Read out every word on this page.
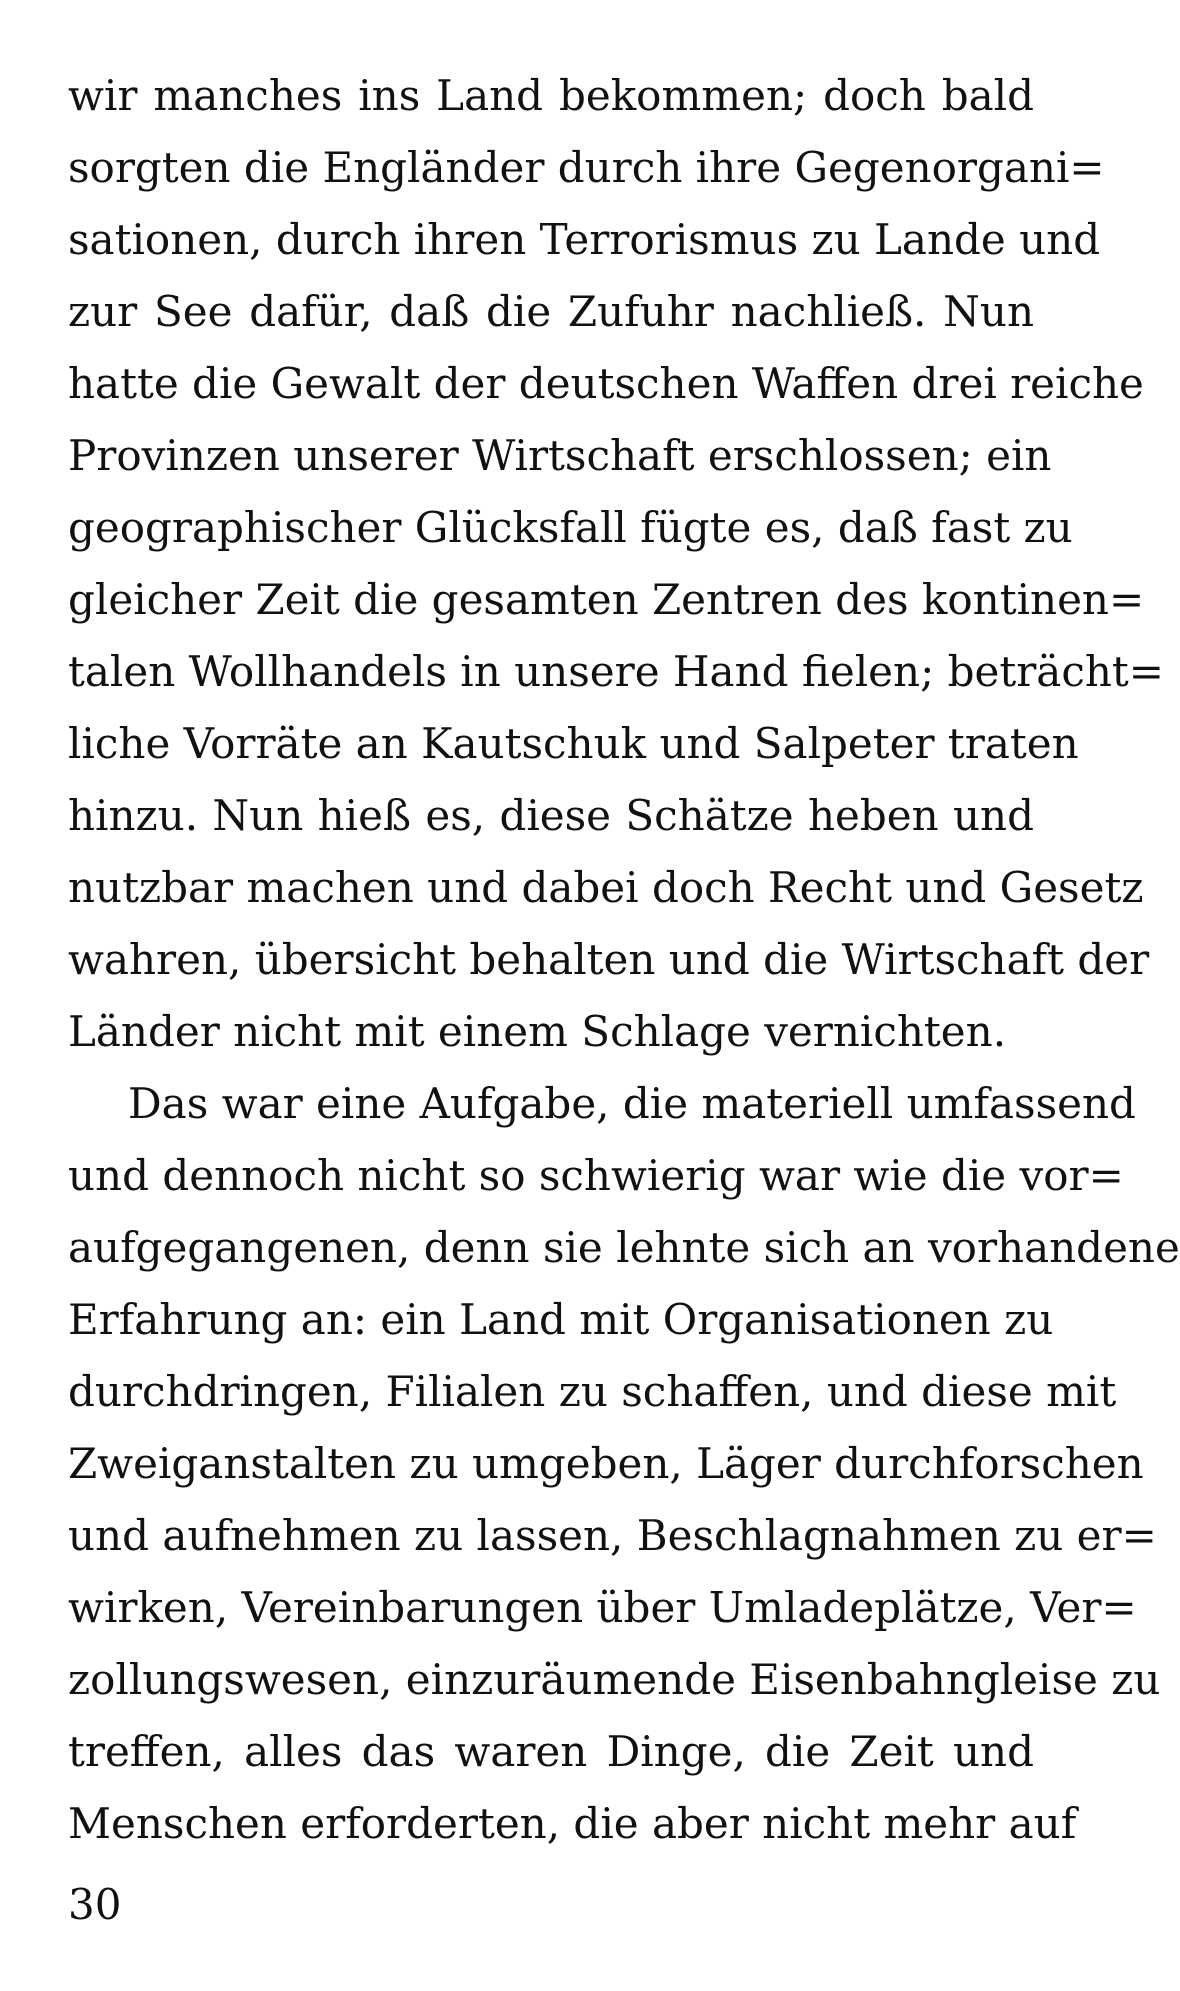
wir manches ins Land bekommen; doch bald
sorgten die Engländer durch ihre Gegenorgani=
sationen, durch ihren Terrorismus zu Lande und
zur See dafür, daß die Zufuhr nachließ. Nun
hatte die Gewalt der deutschen Waffen drei reiche
Provinzen unserer Wirtschaft erschlossen; ein
geographischer Glücksfall fügte es, daß fast zu
gleicher Zeit die gesamten Zentren des kontinen=
talen Wollhandels in unsere Hand fielen; beträcht=
liche Vorräte an Kautschuk und Salpeter traten
hinzu. Nun hieß es, diese Schätze heben und
nutzbar machen und dabei doch Recht und Gesetz
wahren, übersicht behalten und die Wirtschaft der
Länder nicht mit einem Schlage vernichten.
Das war eine Aufgabe, die materiell umfassend
und dennoch nicht so schwierig war wie die vor=
aufgegangenen, denn sie lehnte sich an vorhandene
Erfahrung an: ein Land mit Organisationen zu
durchdringen, Filialen zu schaffen, und diese mit
Zweiganstalten zu umgeben, Läger durchforschen
und aufnehmen zu lassen, Beschlagnahmen zu er=
wirken, Vereinbarungen über Umladeplätze, Ver=
zollungswesen, einzuräumende Eisenbahngleise zu
treffen, alles das waren Dinge, die Zeit und
Menschen erforderten, die aber nicht mehr auf
30
